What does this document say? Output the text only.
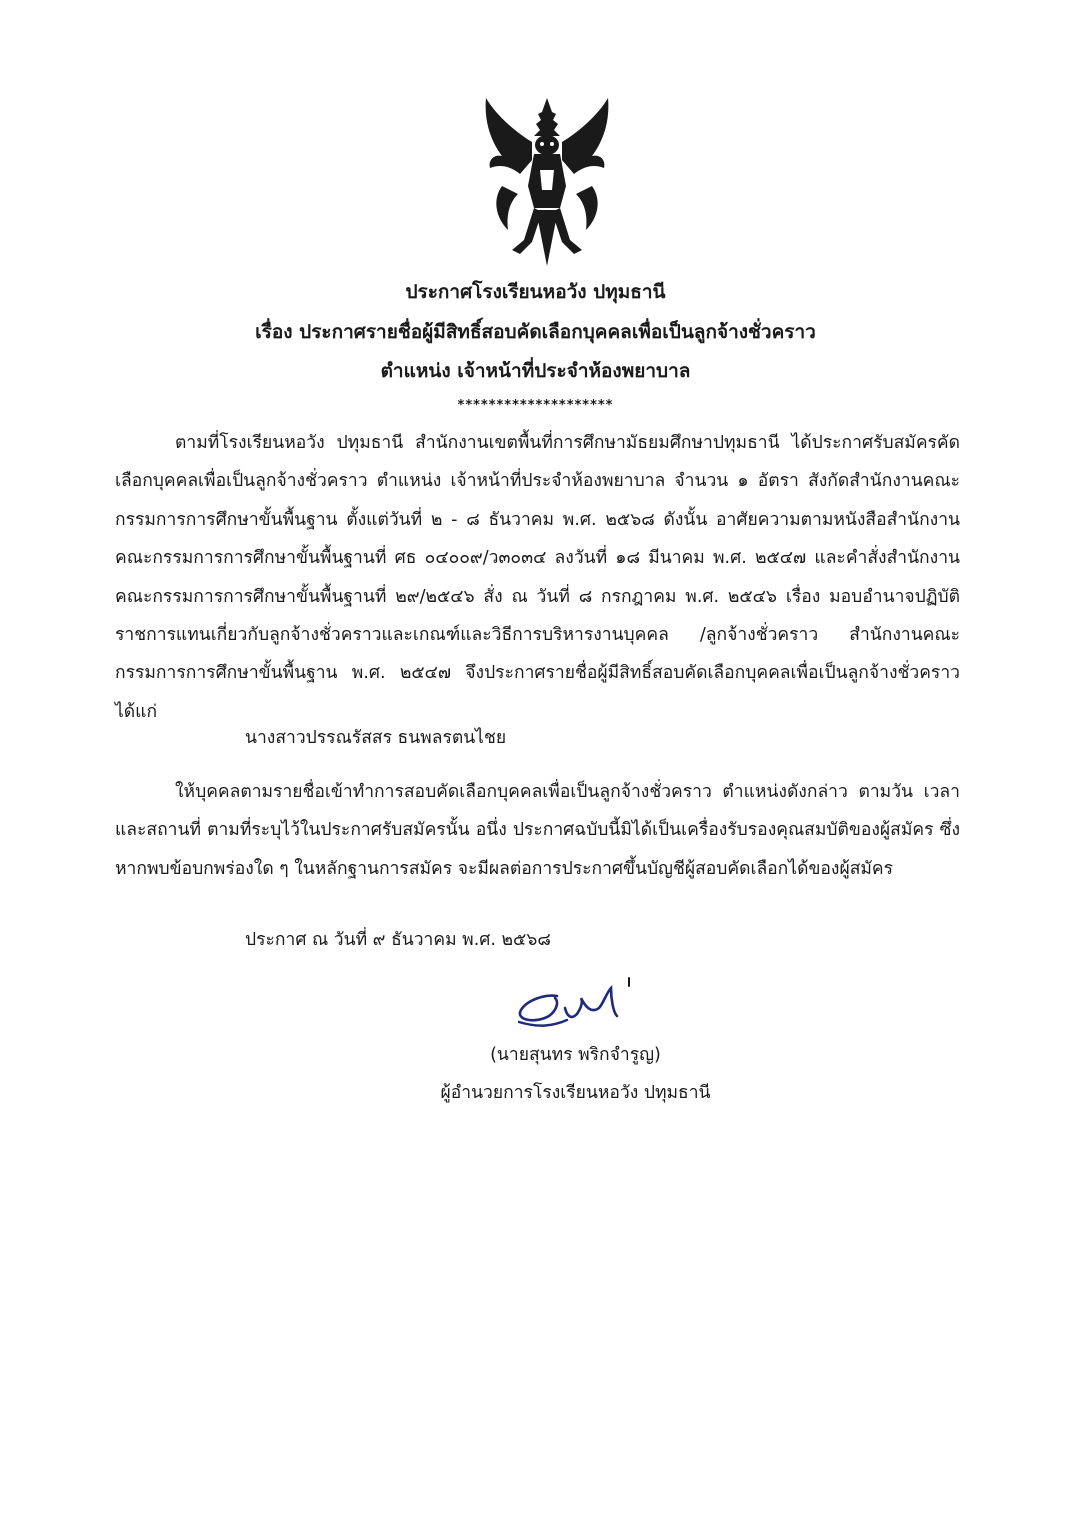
ประกาศโรงเรียนหอวัง ปทุมธานี
เรื่อง ประกาศรายชื่อผู้มีสิทธิ์สอบคัดเลือกบุคคลเพื่อเป็นลูกจ้างชั่วคราว
ตำแหน่ง เจ้าหน้าที่ประจำห้องพยาบาล
********************
ตามที่โรงเรียนหอวัง ปทุมธานี สำนักงานเขตพื้นที่การศึกษามัธยมศึกษาปทุมธานี ได้ประกาศรับสมัครคัดเลือกบุคคลเพื่อเป็นลูกจ้างชั่วคราว ตำแหน่ง เจ้าหน้าที่ประจำห้องพยาบาล จำนวน ๑ อัตรา สังกัดสำนักงานคณะกรรมการการศึกษาขั้นพื้นฐาน ตั้งแต่วันที่ ๒ - ๘ ธันวาคม พ.ศ. ๒๕๖๘ ดังนั้น อาศัยความตามหนังสือสำนักงานคณะกรรมการการศึกษาขั้นพื้นฐานที่ ศธ ๐๔๐๐๙/ว๓๐๓๔ ลงวันที่ ๑๘ มีนาคม พ.ศ. ๒๕๔๗ และคำสั่งสำนักงานคณะกรรมการการศึกษาขั้นพื้นฐานที่ ๒๙/๒๕๔๖ สั่ง ณ วันที่ ๘ กรกฎาคม พ.ศ. ๒๕๔๖ เรื่อง มอบอำนาจปฏิบัติราชการแทนเกี่ยวกับลูกจ้างชั่วคราวและเกณฑ์และวิธีการบริหารงานบุคคล /ลูกจ้างชั่วคราว สำนักงานคณะกรรมการการศึกษาขั้นพื้นฐาน พ.ศ. ๒๕๔๗ จึงประกาศรายชื่อผู้มีสิทธิ์สอบคัดเลือกบุคคลเพื่อเป็นลูกจ้างชั่วคราว ได้แก่
นางสาวปรรณรัสสร ธนพลรตนไชย
ให้บุคคลตามรายชื่อเข้าทำการสอบคัดเลือกบุคคลเพื่อเป็นลูกจ้างชั่วคราว ตำแหน่งดังกล่าว ตามวัน เวลาและสถานที่ ตามที่ระบุไว้ในประกาศรับสมัครนั้น อนึ่ง ประกาศฉบับนี้มิได้เป็นเครื่องรับรองคุณสมบัติของผู้สมัคร ซึ่งหากพบข้อบกพร่องใด ๆ ในหลักฐานการสมัคร จะมีผลต่อการประกาศขึ้นบัญชีผู้สอบคัดเลือกได้ของผู้สมัคร
ประกาศ ณ วันที่ ๙ ธันวาคม พ.ศ. ๒๕๖๘
(นายสุนทร พริกจำรูญ)
ผู้อำนวยการโรงเรียนหอวัง ปทุมธานี
